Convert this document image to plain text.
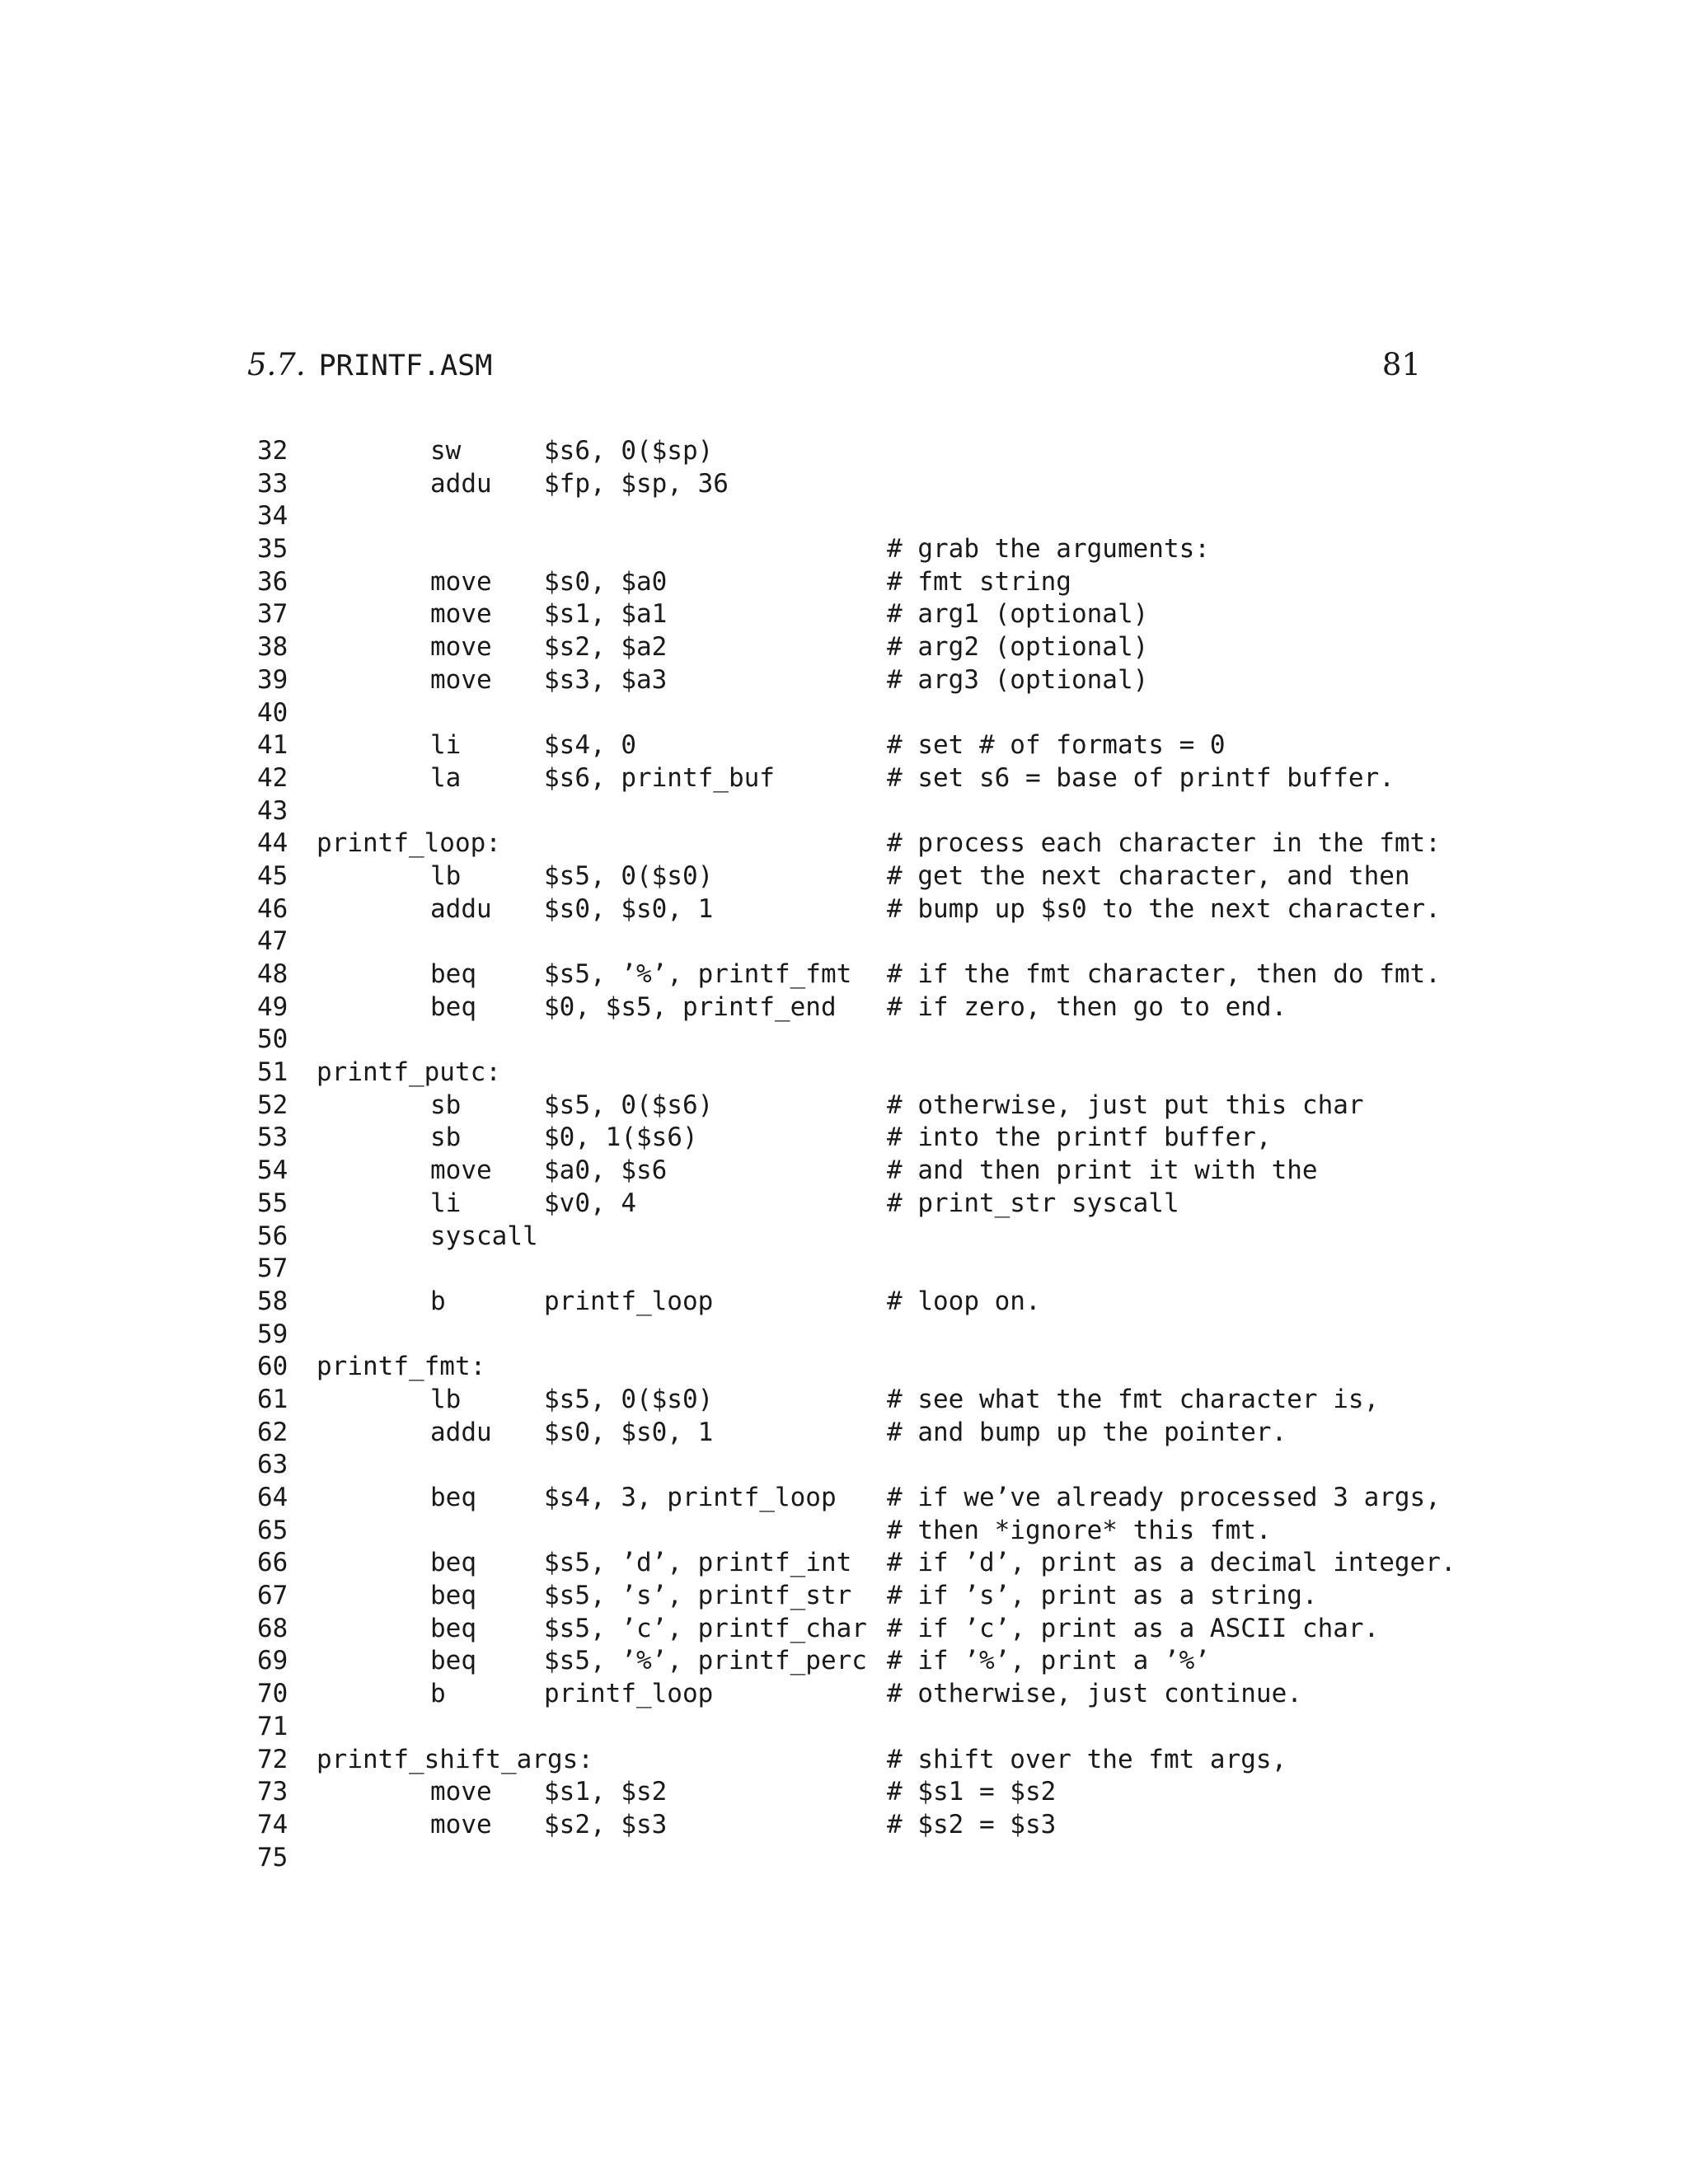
5.7. PRINTF.ASM	81
32	sw	$s6, 0($sp)
33	addu $fp, $sp, 36
34
35	# grab the arguments:
36	move $s0, $a0	# fmt string
37	move $s1, $a1	# arg1 (optional)
38	move $s2, $a2	# arg2 (optional)
39	move $s3, $a3	# arg3 (optional)
40
41	li	$s4, 0	# set # of formats = 0
42	la	$s6, printf_buf	# set s6 = base of printf buffer.
43
44 printf_loop:	# process each character in the fmt:
45	lb	$s5, 0($s0)	# get the next character, and then
46	addu $s0, $s0, 1	# bump up $s0 to the next character.
47
48	beq	$s5, ’%’, printf_fmt # if the fmt character, then do fmt.
49	beq	$0, $s5, printf_end # if zero, then go to end.
50
51 printf_putc:
52	sb	$s5, 0($s6)	# otherwise, just put this char
53	sb	$0, 1($s6)	# into the printf buffer,
54	move $a0, $s6	# and then print it with the
55	li	$v0, 4	# print_str syscall
56	syscall
57
58	b	printf_loop	# loop on.
59
60 printf_fmt:
61	lb	$s5, 0($s0)	# see what the fmt character is,
62	addu $s0, $s0, 1	# and bump up the pointer.
63
64	beq	$s4, 3, printf_loop # if we’ve already processed 3 args,
65	# then *ignore* this fmt.
66	beq	$s5, ’d’, printf_int # if ’d’, print as a decimal integer.
67	beq	$s5, ’s’, printf_str # if ’s’, print as a string.
68	beq	$s5, ’c’, printf_char # if ’c’, print as a ASCII char.
69	beq	$s5, ’%’, printf_perc # if ’%’, print a ’%’
70	b	printf_loop	# otherwise, just continue.
71
72 printf_shift_args:	# shift over the fmt args,
73	move $s1, $s2	# $s1 = $s2
74	move $s2, $s3	# $s2 = $s3
75
